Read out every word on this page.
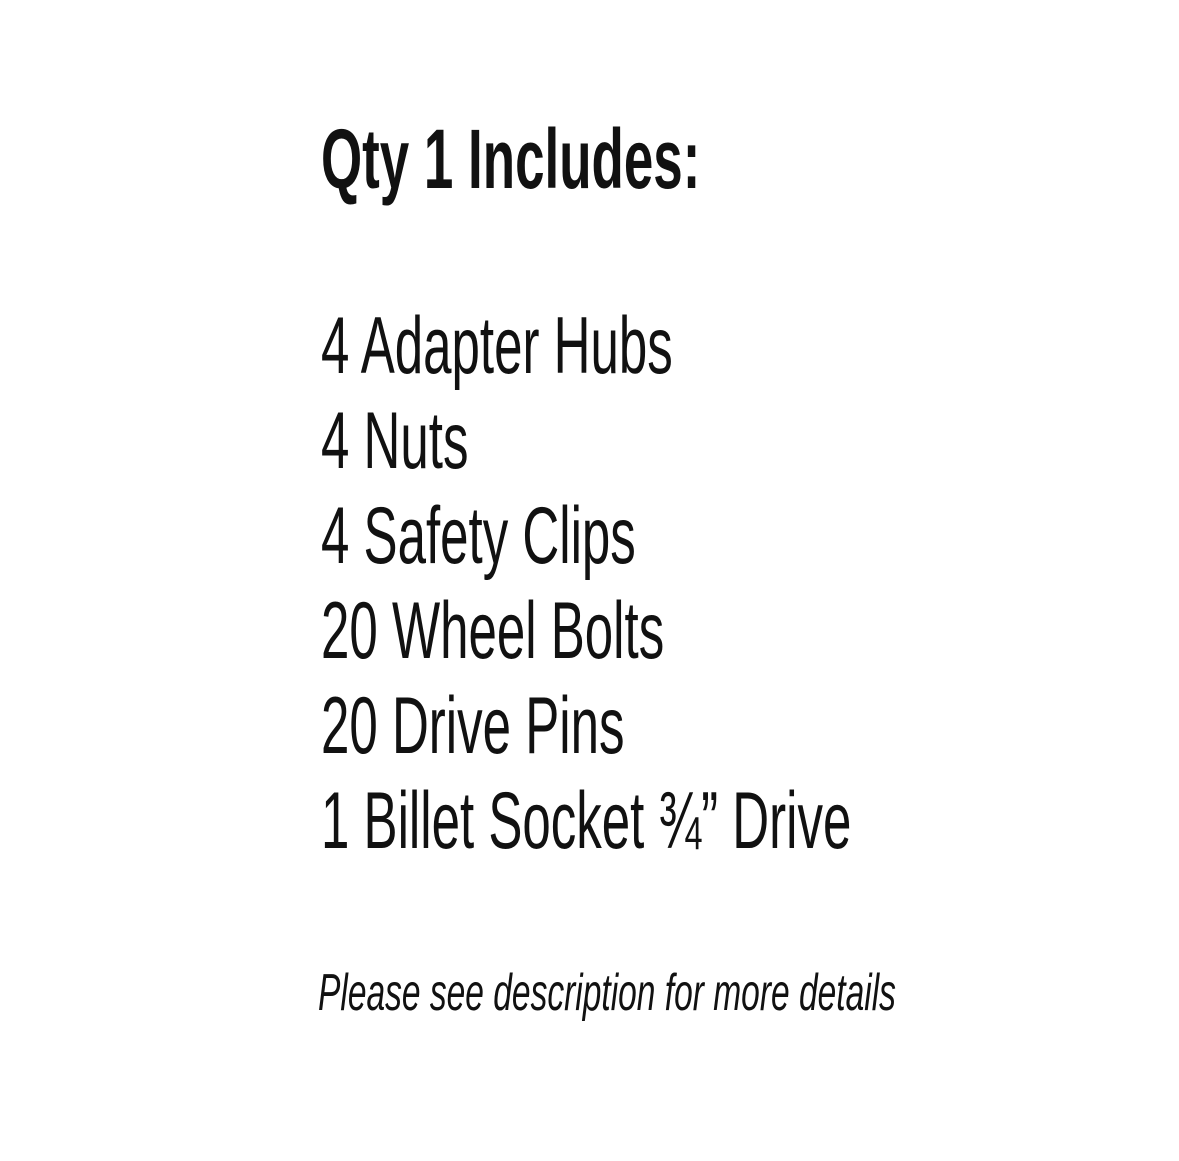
Qty 1 Includes:
4 Adapter Hubs
4 Nuts
4 Safety Clips
20 Wheel Bolts
20 Drive Pins
1 Billet Socket ¾” Drive

Please see description for more details
